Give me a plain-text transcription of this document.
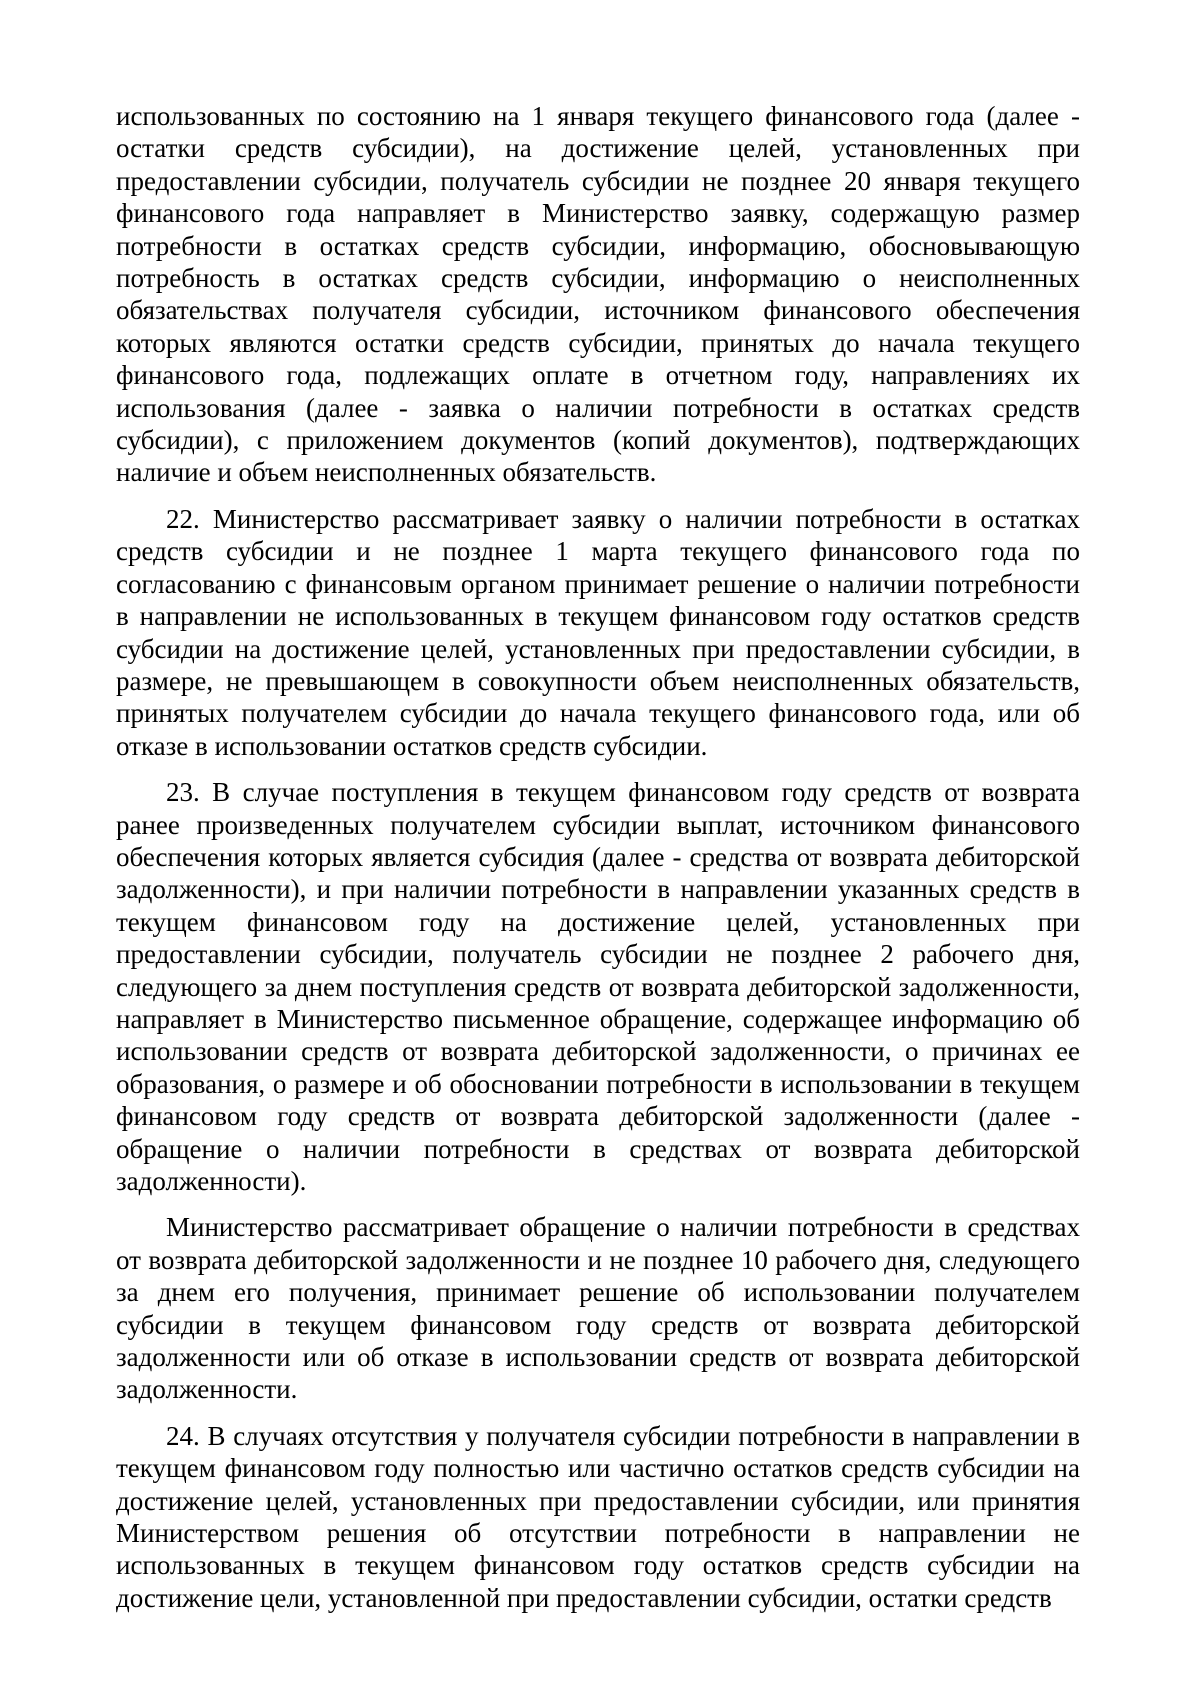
использованных по состоянию на 1 января текущего финансового года (далее - остатки средств субсидии), на достижение целей, установленных при предоставлении субсидии, получатель субсидии не позднее 20 января текущего финансового года направляет в Министерство заявку, содержащую размер потребности в остатках средств субсидии, информацию, обосновывающую потребность в остатках средств субсидии, информацию о неисполненных обязательствах получателя субсидии, источником финансового обеспечения которых являются остатки средств субсидии, принятых до начала текущего финансового года, подлежащих оплате в отчетном году, направлениях их использования (далее - заявка о наличии потребности в остатках средств субсидии), с приложением документов (копий документов), подтверждающих наличие и объем неисполненных обязательств.

22. Министерство рассматривает заявку о наличии потребности в остатках средств субсидии и не позднее 1 марта текущего финансового года по согласованию с финансовым органом принимает решение о наличии потребности в направлении не использованных в текущем финансовом году остатков средств субсидии на достижение целей, установленных при предоставлении субсидии, в размере, не превышающем в совокупности объем неисполненных обязательств, принятых получателем субсидии до начала текущего финансового года, или об отказе в использовании остатков средств субсидии.

23. В случае поступления в текущем финансовом году средств от возврата ранее произведенных получателем субсидии выплат, источником финансового обеспечения которых является субсидия (далее - средства от возврата дебиторской задолженности), и при наличии потребности в направлении указанных средств в текущем финансовом году на достижение целей, установленных при предоставлении субсидии, получатель субсидии не позднее 2 рабочего дня, следующего за днем поступления средств от возврата дебиторской задолженности, направляет в Министерство письменное обращение, содержащее информацию об использовании средств от возврата дебиторской задолженности, о причинах ее образования, о размере и об обосновании потребности в использовании в текущем финансовом году средств от возврата дебиторской задолженности (далее - обращение о наличии потребности в средствах от возврата дебиторской задолженности).

Министерство рассматривает обращение о наличии потребности в средствах от возврата дебиторской задолженности и не позднее 10 рабочего дня, следующего за днем его получения, принимает решение об использовании получателем субсидии в текущем финансовом году средств от возврата дебиторской задолженности или об отказе в использовании средств от возврата дебиторской задолженности.

24. В случаях отсутствия у получателя субсидии потребности в направлении в текущем финансовом году полностью или частично остатков средств субсидии на достижение целей, установленных при предоставлении субсидии, или принятия Министерством решения об отсутствии потребности в направлении не использованных в текущем финансовом году остатков средств субсидии на достижение цели, установленной при предоставлении субсидии, остатки средств
